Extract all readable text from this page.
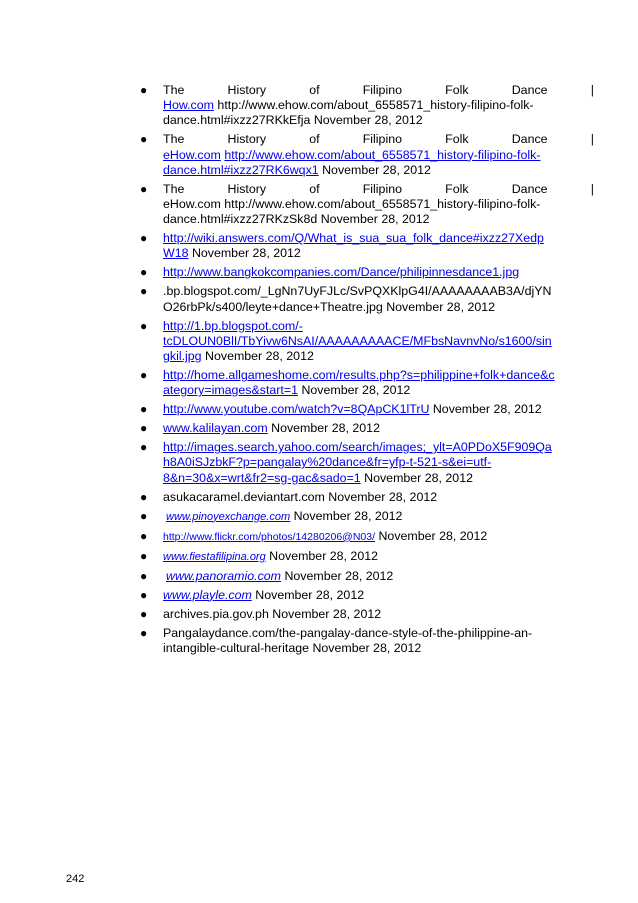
● The	History	of	Filipino	Folk	Dance	|
How.com http://www.ehow.com/about_6558571_history-filipino-folk-
dance.html#ixzz27RKkEfja November 28, 2012
● The	History	of	Filipino	Folk	Dance	|
eHow.com http://www.ehow.com/about_6558571_history-filipino-folk-
dance.html#ixzz27RK6wqx1 November 28, 2012
● The	History	of	Filipino	Folk	Dance	|
eHow.com http://www.ehow.com/about_6558571_history-filipino-folk-
dance.html#ixzz27RKzSk8d November 28, 2012
● http://wiki.answers.com/Q/What_is_sua_sua_folk_dance#ixzz27Xedp
W18 November 28, 2012
● http://www.bangkokcompanies.com/Dance/philipinnesdance1.jpg
● .bp.blogspot.com/_LgNn7UyFJLc/SvPQXKlpG4I/AAAAAAAAB3A/djYN
O26rbPk/s400/leyte+dance+Theatre.jpg November 28, 2012
● http://1.bp.blogspot.com/-
tcDLOUN0BlI/TbYivw6NsAI/AAAAAAAAACE/MFbsNavnvNo/s1600/sin
gkil.jpg November 28, 2012
● http://home.allgameshome.com/results.php?s=philippine+folk+dance&c
ategory=images&start=1 November 28, 2012
● http://www.youtube.com/watch?v=8QApCK1lTrU November 28, 2012
● www.kalilayan.com November 28, 2012
● http://images.search.yahoo.com/search/images;_ylt=A0PDoX5F909Qa
h8A0iSJzbkF?p=pangalay%20dance&fr=yfp-t-521-s&ei=utf-
8&n=30&x=wrt&fr2=sg-gac&sado=1 November 28, 2012
● asukacaramel.deviantart.com November 28, 2012
● www.pinoyexchange.com November 28, 2012
● http://www.flickr.com/photos/14280206@N03/ November 28, 2012
● www.fiestafilipina.org November 28, 2012
● www.panoramio.com November 28, 2012
● www.playle.com November 28, 2012
● archives.pia.gov.ph November 28, 2012
● Pangalaydance.com/the-pangalay-dance-style-of-the-philippine-an-
intangible-cultural-heritage November 28, 2012
242
